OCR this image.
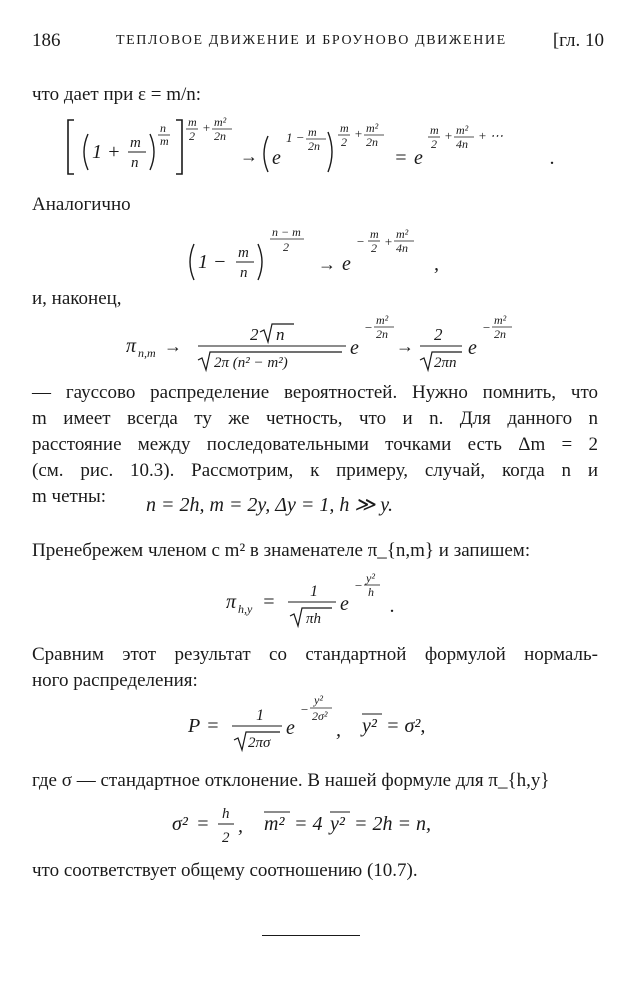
186	ТЕПЛОВОЕ ДВИЖЕНИЕ И БРОУНОВО ДВИЖЕНИЕ [гл. 10
что дает при ε = m/n:
1 + m
n
n
m
m
2
+ m²
2n
→ e
1 − m
2n
m
2
+ m²
2n
= e
m
2
+ m²
4n
+ ⋯
.
Аналогично
1 − m
n
n − m
2
→ e
− m
2 + m²
4n
,
и, наконец,
π n,m →
2 n
2π (n² − m²)
e
− m²
2n
→
2
2πn
e
− m²
2n
— гауссово распределение вероятностей. Нужно помнить, что
m имеет всегда ту же четность, что и n. Для данного n
расстояние между последовательными точками есть Δm = 2
(см. рис. 10.3). Рассмотрим, к примеру, случай, когда n и
m четны:	n = 2h, m = 2y, Δy = 1, h ≫ y.
Пренебрежем членом с m² в знаменателе π_{n,m} и запишем:
π h,y = 1
πh
e
− y²
h
.
Сравним этот результат со стандартной формулой нормаль-
ного распределения:
P = 1
2πσ
e
−
y²
2σ²
, y² = σ²,
где σ — стандартное отклонение. В нашей формуле для π_{h,y}
σ² = h
2
, m² = 4 y² = 2h = n,
что соответствует общему соотношению (10.7).
